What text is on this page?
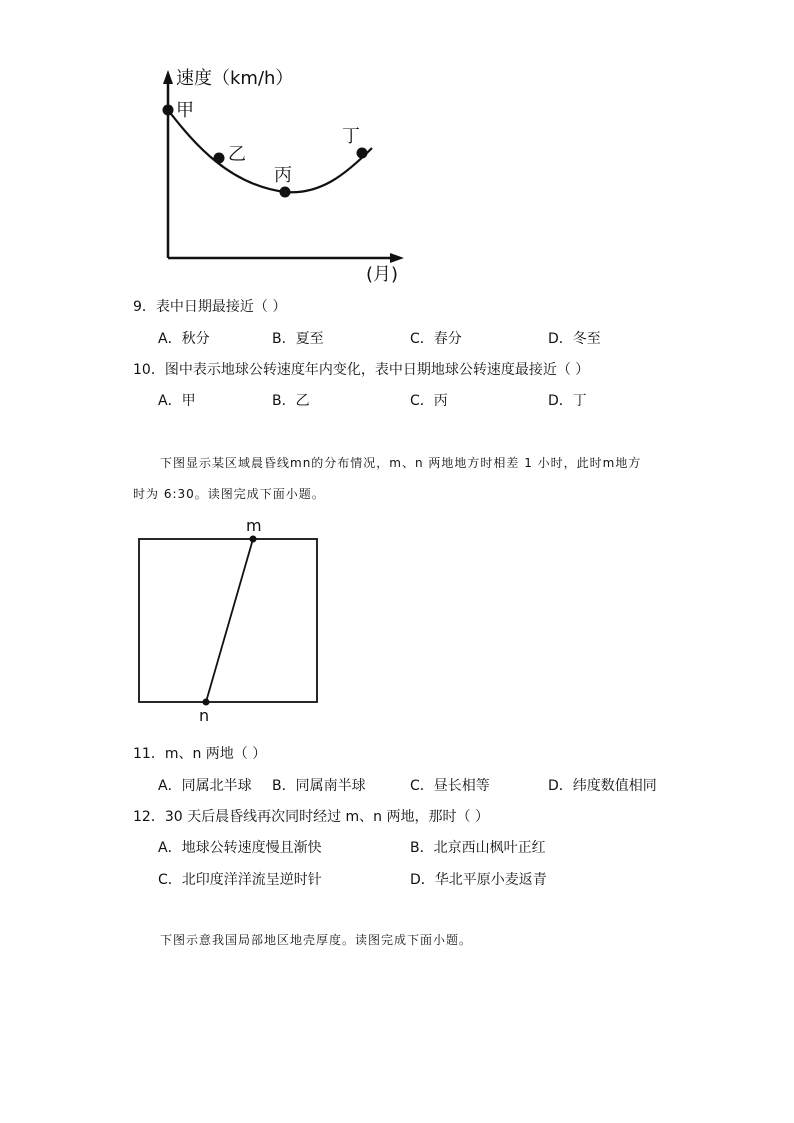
速度（km/h）
甲
乙
丙
丁
(月)
9．表中日期最接近（ ）
A．秋分	B．夏至	C．春分	D．冬至
10．图中表示地球公转速度年内变化，表中日期地球公转速度最接近（ ）
A．甲	B．乙	C．丙	D．丁
下图显示某区域晨昏线mn的分布情况，m、n 两地地方时相差 1 小时，此时m地方
时为 6:30。读图完成下面小题。
m
n
11．m、n 两地（ ）
A．同属北半球 B．同属南半球	C．昼长相等	D．纬度数值相同
12．30 天后晨昏线再次同时经过 m、n 两地，那时（ ）
A．地球公转速度慢且渐快	B．北京西山枫叶正红
C．北印度洋洋流呈逆时针	D．华北平原小麦返青
下图示意我国局部地区地壳厚度。读图完成下面小题。
